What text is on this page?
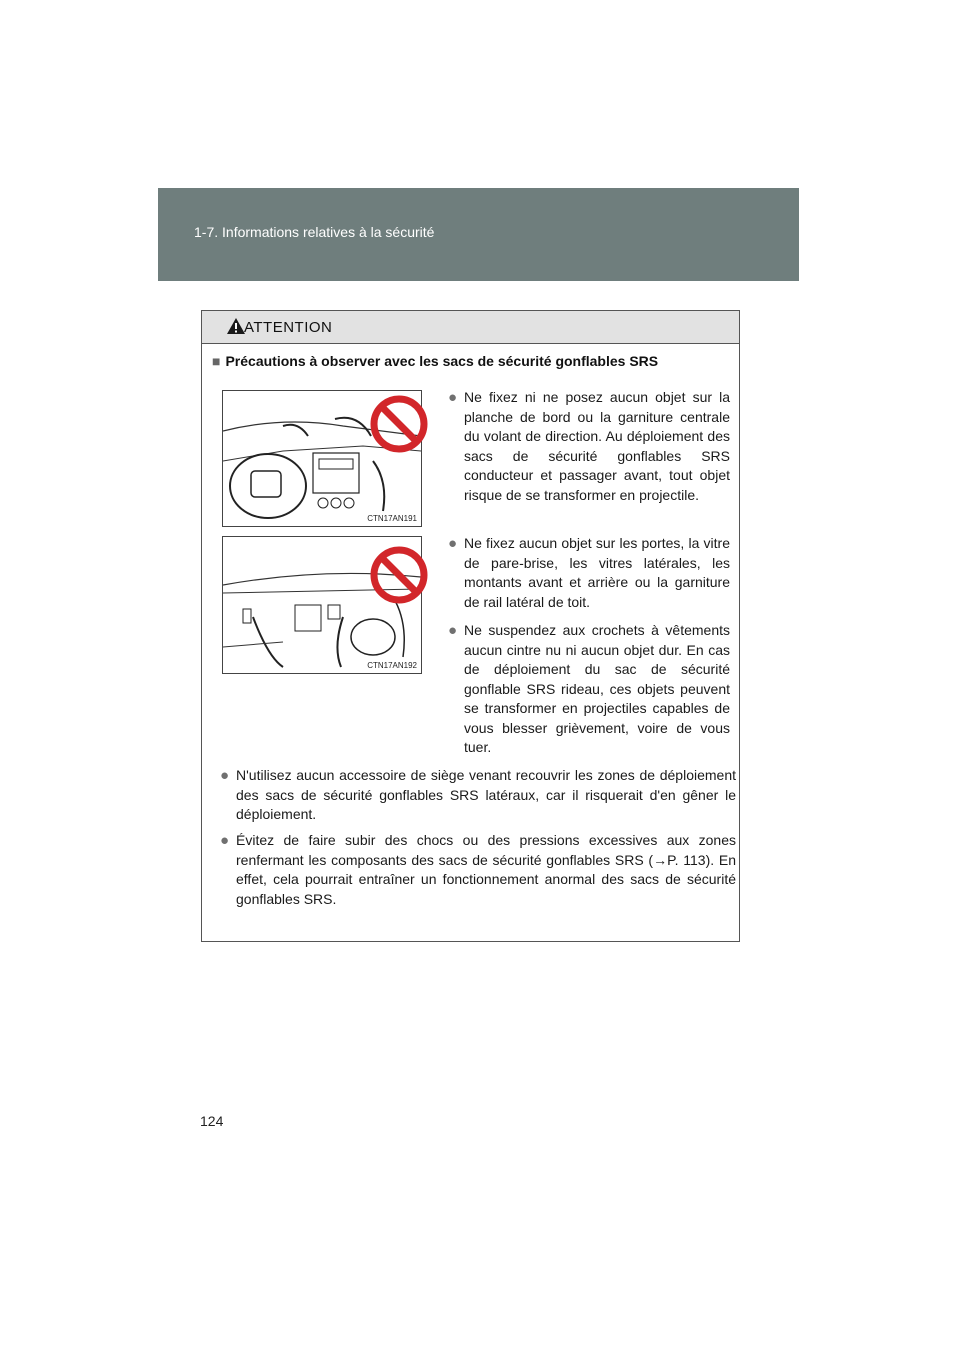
1-7. Informations relatives à la sécurité
ATTENTION
■ Précautions à observer avec les sacs de sécurité gonflables SRS
CTN17AN191
CTN17AN192
● Ne fixez ni ne posez aucun objet sur la planche de bord ou la garniture centrale du volant de direction. Au déploiement des sacs de sécurité gonflables SRS conducteur et passager avant, tout objet risque de se transformer en projectile.
● Ne fixez aucun objet sur les portes, la vitre de pare-brise, les vitres latérales, les montants avant et arrière ou la garniture de rail latéral de toit.
● Ne suspendez aux crochets à vêtements aucun cintre nu ni aucun objet dur. En cas de déploiement du sac de sécurité gonflable SRS rideau, ces objets peuvent se transformer en projectiles capables de vous blesser grièvement, voire de vous tuer.
● N'utilisez aucun accessoire de siège venant recouvrir les zones de déploiement des sacs de sécurité gonflables SRS latéraux, car il risquerait d'en gêner le déploiement.
● Évitez de faire subir des chocs ou des pressions excessives aux zones renfermant les composants des sacs de sécurité gonflables SRS (→P. 113). En effet, cela pourrait entraîner un fonctionnement anormal des sacs de sécurité gonflables SRS.
124
